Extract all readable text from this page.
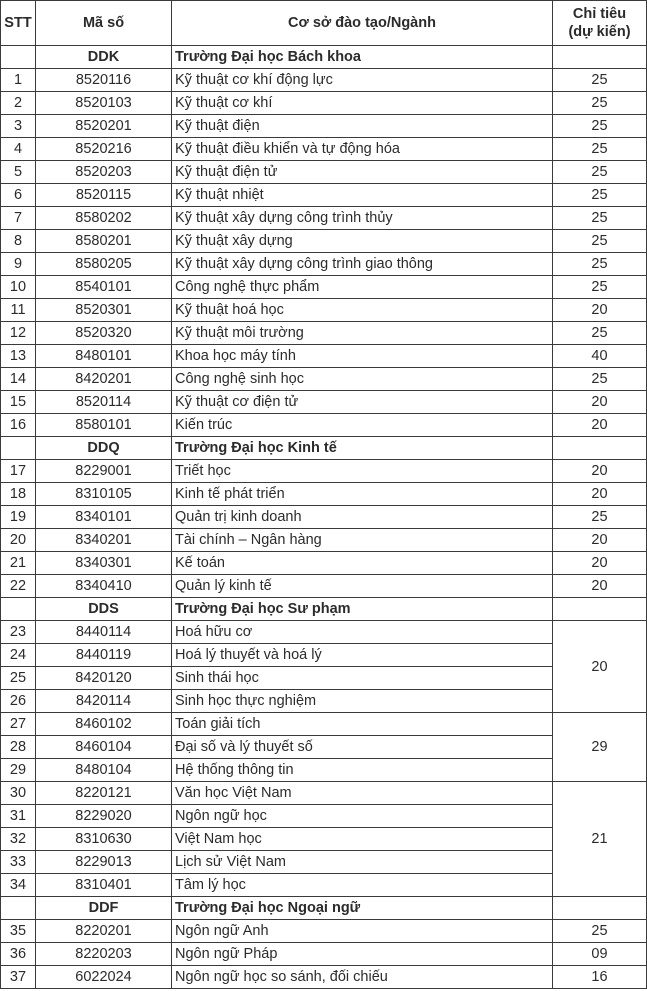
STT	Mã số	Cơ sở đào tạo/Ngành	Chỉ tiêu
(dự kiến)
	DDK	Trường Đại học Bách khoa	
1	8520116	Kỹ thuật cơ khí động lực	25
2	8520103	Kỹ thuật cơ khí	25
3	8520201	Kỹ thuật điện	25
4	8520216	Kỹ thuật điều khiển và tự động hóa	25
5	8520203	Kỹ thuật điện tử	25
6	8520115	Kỹ thuật nhiệt	25
7	8580202	Kỹ thuật xây dựng công trình thủy	25
8	8580201	Kỹ thuật xây dựng	25
9	8580205	Kỹ thuật xây dựng công trình giao thông	25
10	8540101	Công nghệ thực phẩm	25
11	8520301	Kỹ thuật hoá học	20
12	8520320	Kỹ thuật môi trường	25
13	8480101	Khoa học máy tính	40
14	8420201	Công nghệ sinh học	25
15	8520114	Kỹ thuật cơ điện tử	20
16	8580101	Kiến trúc	20
	DDQ	Trường Đại học Kinh tế	
17	8229001	Triết học	20
18	8310105	Kinh tế phát triển	20
19	8340101	Quản trị kinh doanh	25
20	8340201	Tài chính – Ngân hàng	20
21	8340301	Kế toán	20
22	8340410	Quản lý kinh tế	20
	DDS	Trường Đại học Sư phạm	
23	8440114	Hoá hữu cơ	20
24	8440119	Hoá lý thuyết và hoá lý	
25	8420120	Sinh thái học	
26	8420114	Sinh học thực nghiệm	
27	8460102	Toán giải tích	29
28	8460104	Đại số và lý thuyết số	
29	8480104	Hệ thống thông tin	
30	8220121	Văn học Việt Nam	21
31	8229020	Ngôn ngữ học	
32	8310630	Việt Nam học	
33	8229013	Lịch sử Việt Nam	
34	8310401	Tâm lý học	
	DDF	Trường Đại học Ngoại ngữ	
35	8220201	Ngôn ngữ Anh	25
36	8220203	Ngôn ngữ Pháp	09
37	6022024	Ngôn ngữ học so sánh, đối chiếu	16
